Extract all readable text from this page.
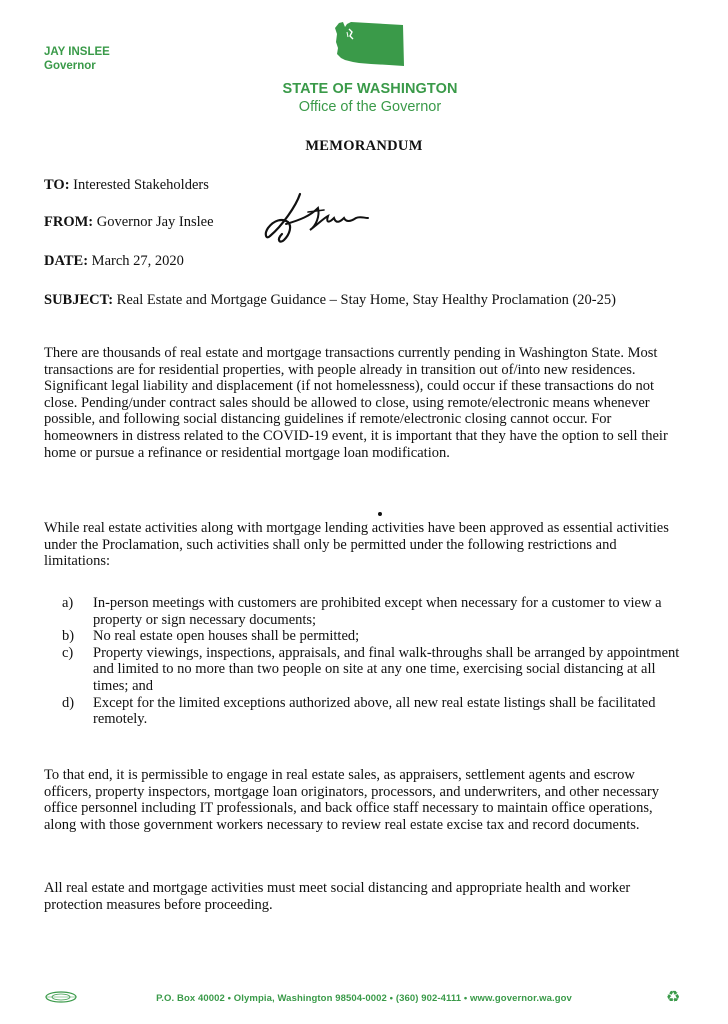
JAY INSLEE
Governor
STATE OF WASHINGTON
Office of the Governor
MEMORANDUM
TO: Interested Stakeholders
FROM: Governor Jay Inslee
DATE: March 27, 2020
SUBJECT: Real Estate and Mortgage Guidance – Stay Home, Stay Healthy Proclamation (20-25)
There are thousands of real estate and mortgage transactions currently pending in Washington State. Most transactions are for residential properties, with people already in transition out of/into new residences. Significant legal liability and displacement (if not homelessness), could occur if these transactions do not close. Pending/under contract sales should be allowed to close, using remote/electronic means whenever possible, and following social distancing guidelines if remote/electronic closing cannot occur. For homeowners in distress related to the COVID-19 event, it is important that they have the option to sell their home or pursue a refinance or residential mortgage loan modification.
While real estate activities along with mortgage lending activities have been approved as essential activities under the Proclamation, such activities shall only be permitted under the following restrictions and limitations:
a) In-person meetings with customers are prohibited except when necessary for a customer to view a property or sign necessary documents;
b) No real estate open houses shall be permitted;
c) Property viewings, inspections, appraisals, and final walk-throughs shall be arranged by appointment and limited to no more than two people on site at any one time, exercising social distancing at all times; and
d) Except for the limited exceptions authorized above, all new real estate listings shall be facilitated remotely.
To that end, it is permissible to engage in real estate sales, as appraisers, settlement agents and escrow officers, property inspectors, mortgage loan originators, processors, and underwriters, and other necessary office personnel including IT professionals, and back office staff necessary to maintain office operations, along with those government workers necessary to review real estate excise tax and record documents.
All real estate and mortgage activities must meet social distancing and appropriate health and worker protection measures before proceeding.
P.O. Box 40002 • Olympia, Washington 98504-0002 • (360) 902-4111 • www.governor.wa.gov	♻
